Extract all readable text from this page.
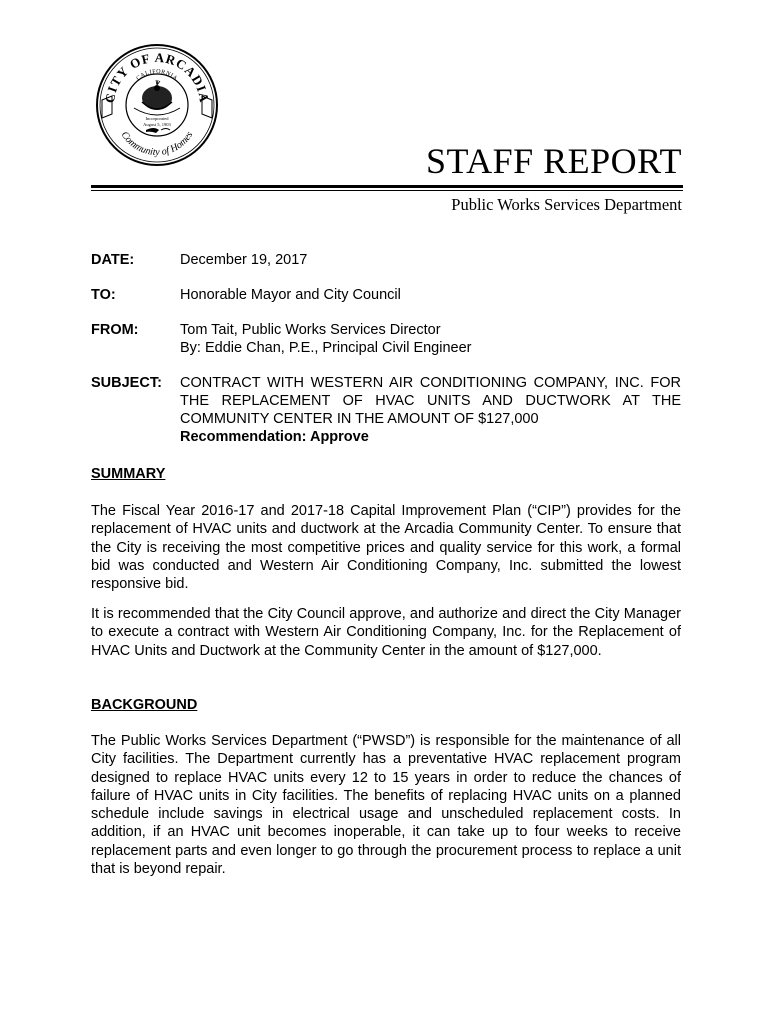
CITY OF ARCADIA
CALIFORNIA
Community of Homes
Incorporated
August 5, 1903
STAFF REPORT
Public Works Services Department
DATE:	December 19, 2017
TO:	Honorable Mayor and City Council
FROM:	Tom Tait, Public Works Services Director
By: Eddie Chan, P.E., Principal Civil Engineer
SUBJECT: CONTRACT WITH WESTERN AIR CONDITIONING COMPANY, INC. FOR THE REPLACEMENT OF HVAC UNITS AND DUCTWORK AT THE COMMUNITY CENTER IN THE AMOUNT OF $127,000
Recommendation: Approve
SUMMARY

The Fiscal Year 2016-17 and 2017-18 Capital Improvement Plan (“CIP”) provides for the replacement of HVAC units and ductwork at the Arcadia Community Center. To ensure that the City is receiving the most competitive prices and quality service for this work, a formal bid was conducted and Western Air Conditioning Company, Inc. submitted the lowest responsive bid.

It is recommended that the City Council approve, and authorize and direct the City Manager to execute a contract with Western Air Conditioning Company, Inc. for the Replacement of HVAC Units and Ductwork at the Community Center in the amount of $127,000.

BACKGROUND

The Public Works Services Department (“PWSD”) is responsible for the maintenance of all City facilities. The Department currently has a preventative HVAC replacement program designed to replace HVAC units every 12 to 15 years in order to reduce the chances of failure of HVAC units in City facilities. The benefits of replacing HVAC units on a planned schedule include savings in electrical usage and unscheduled replacement costs. In addition, if an HVAC unit becomes inoperable, it can take up to four weeks to receive replacement parts and even longer to go through the procurement process to replace a unit that is beyond repair.
